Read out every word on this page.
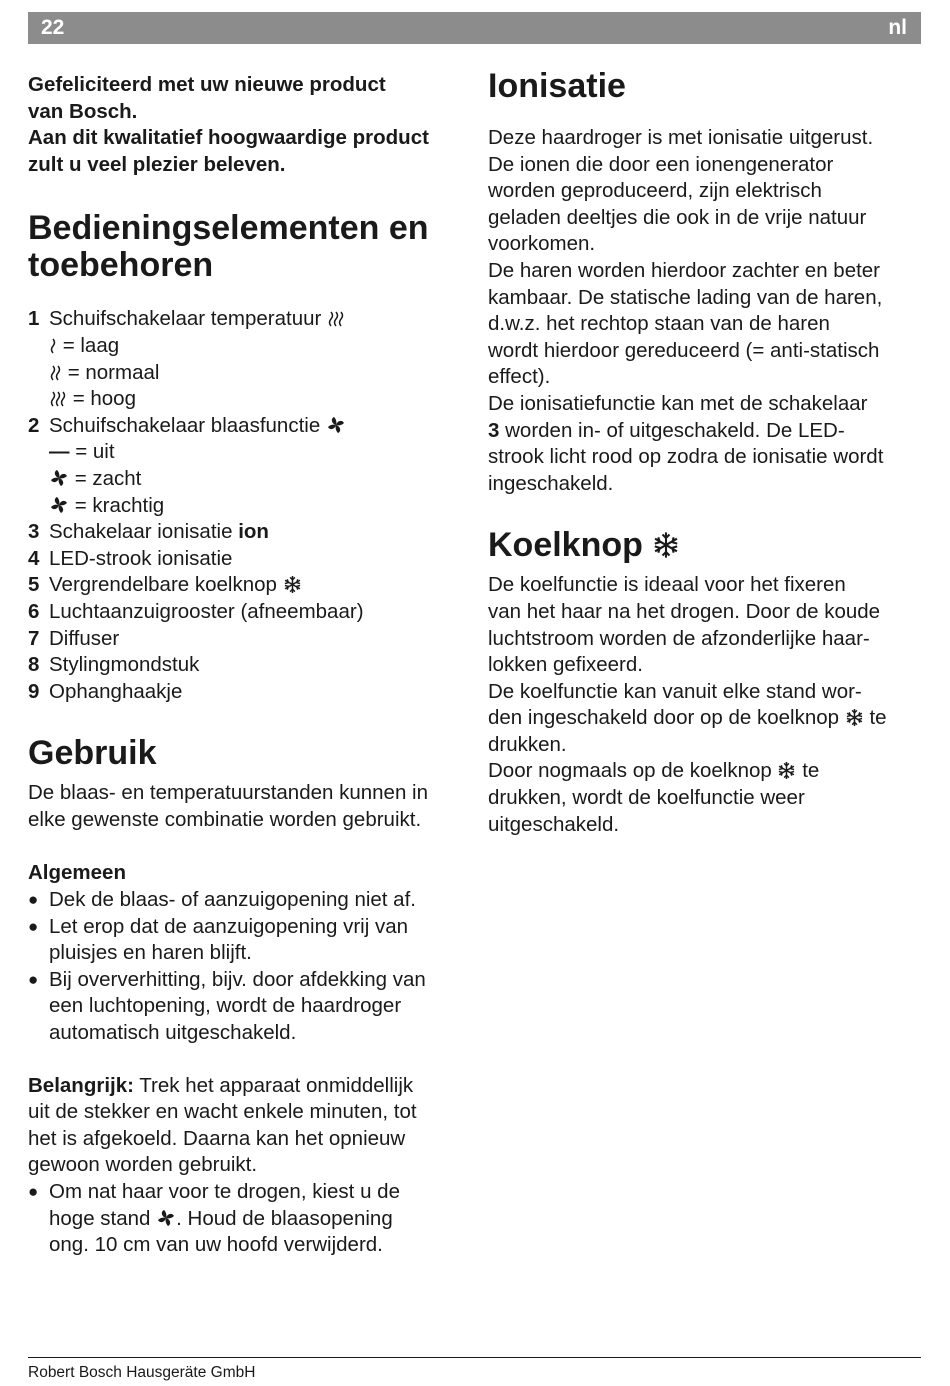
22	nl

Gefeliciteerd met uw nieuwe product

van Bosch.

Aan dit kwalitatief hoogwaardige product

zult u veel plezier beleven.

Bedieningselementen en
toebehoren
1 Schuifschakelaar temperatuur
= laag
= normaal
= hoog
2 Schuifschakelaar blaasfunctie
— = uit
= zacht
= krachtig
3 Schakelaar ionisatie ion
4 LED-strook ionisatie
5 Vergrendelbare koelknop
6 Luchtaanzuigrooster (afneembaar)
7 Diffuser
8 Stylingmondstuk
9 Ophanghaakje
Gebruik

De blaas- en temperatuurstanden kunnen in

elke gewenste combinatie worden gebruikt.

Algemeen

● Dek de blaas- of aanzuigopening niet af.
● Let erop dat de aanzuigopening vrij van
pluisjes en haren blijft.
● Bij oververhitting, bijv. door afdekking van
een luchtopening, wordt de haardroger
automatisch uitgeschakeld.

Belangrijk: Trek het apparaat onmiddellijk

uit de stekker en wacht enkele minuten, tot

het is afgekoeld. Daarna kan het opnieuw

gewoon worden gebruikt.

● Om nat haar voor te drogen, kiest u de
hoge stand . Houd de blaasopening
ong. 10 cm van uw hoofd verwijderd.
Ionisatie

Deze haardroger is met ionisatie uitgerust.

De ionen die door een ionengenerator

worden geproduceerd, zijn elektrisch

geladen deeltjes die ook in de vrije natuur

voorkomen.

De haren worden hierdoor zachter en beter

kambaar. De statische lading van de haren,

d.w.z. het rechtop staan van de haren

wordt hierdoor gereduceerd (= anti-statisch

effect).

De ionisatiefunctie kan met de schakelaar

3 worden in- of uitgeschakeld. De LED-

strook licht rood op zodra de ionisatie wordt

ingeschakeld.

Koelknop

De koelfunctie is ideaal voor het fixeren

van het haar na het drogen. Door de koude

luchtstroom worden de afzonderlijke haar-

lokken gefixeerd.

De koelfunctie kan vanuit elke stand wor-

den ingeschakeld door op de koelknop te

drukken.

Door nogmaals op de koelknop te

drukken, wordt de koelfunctie weer

uitgeschakeld.

Robert Bosch Hausgeräte GmbH
